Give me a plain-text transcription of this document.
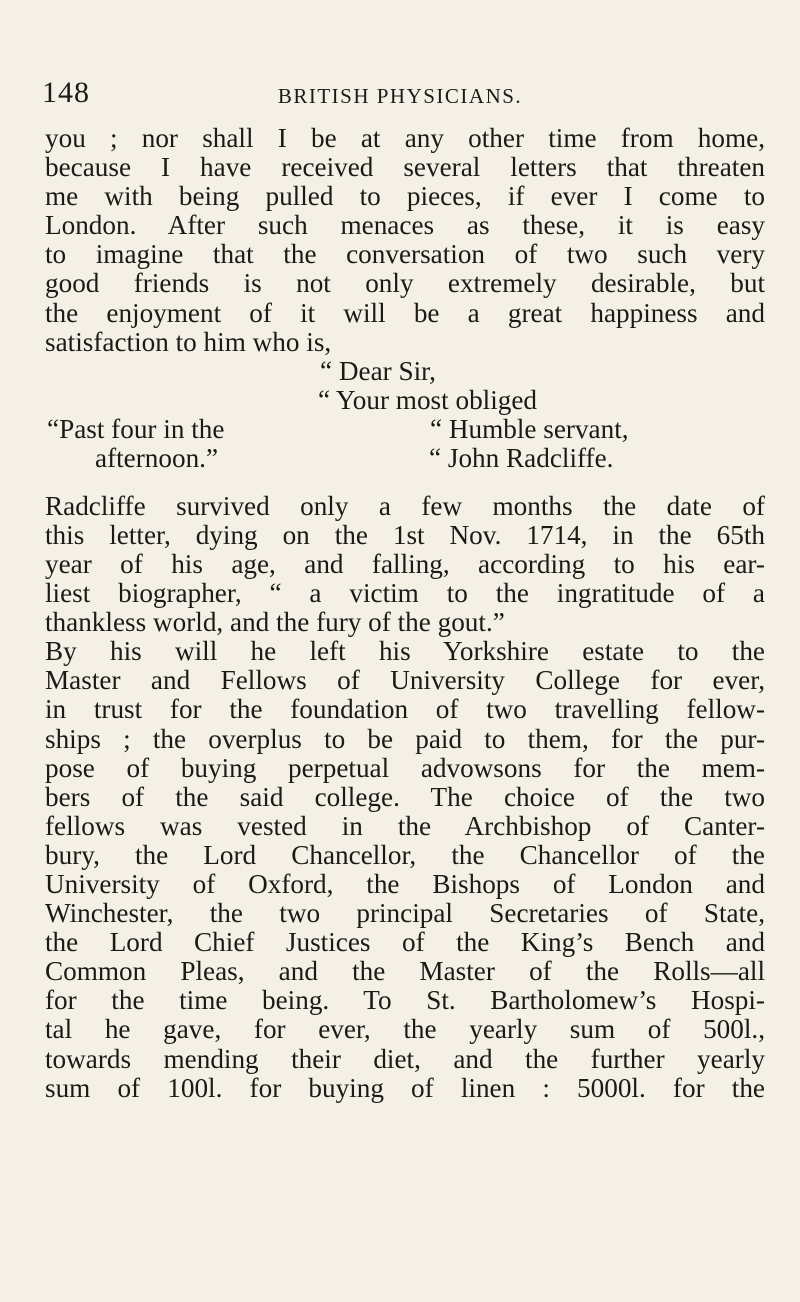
148	BRITISH PHYSICIANS.
you ; nor shall I be at any other time from home,
because I have received several letters that threaten
me with being pulled to pieces, if ever I come to
London. After such menaces as these, it is easy
to imagine that the conversation of two such very
good friends is not only extremely desirable, but
the enjoyment of it will be a great happiness and
satisfaction to him who is,
“ Dear Sir,
“ Your most obliged
“Past four in the	“ Humble servant,
afternoon.”	“ John Radcliffe.
Radcliffe survived only a few months the date of
this letter, dying on the 1st Nov. 1714, in the 65th
year of his age, and falling, according to his ear-
liest biographer, “ a victim to the ingratitude of a
thankless world, and the fury of the gout.”
By his will he left his Yorkshire estate to the
Master and Fellows of University College for ever,
in trust for the foundation of two travelling fellow-
ships ; the overplus to be paid to them, for the pur-
pose of buying perpetual advowsons for the mem-
bers of the said college. The choice of the two
fellows was vested in the Archbishop of Canter-
bury, the Lord Chancellor, the Chancellor of the
University of Oxford, the Bishops of London and
Winchester, the two principal Secretaries of State,
the Lord Chief Justices of the King’s Bench and
Common Pleas, and the Master of the Rolls—all
for the time being. To St. Bartholomew’s Hospi-
tal he gave, for ever, the yearly sum of 500l.,
towards mending their diet, and the further yearly
sum of 100l. for buying of linen : 5000l. for the
